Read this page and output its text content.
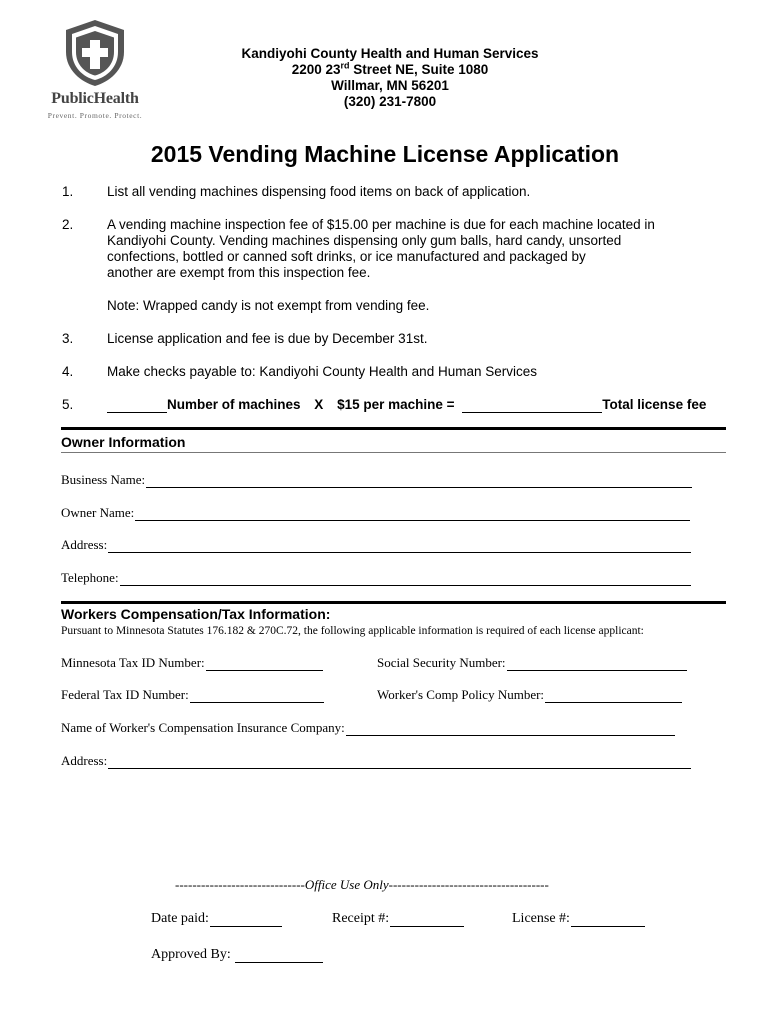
PublicHealth
Prevent. Promote. Protect.
Kandiyohi County Health and Human Services
2200 23rd Street NE, Suite 1080
Willmar, MN 56201
(320) 231-7800
2015 Vending Machine License Application
1. List all vending machines dispensing food items on back of application.
2. A vending machine inspection fee of $15.00 per machine is due for each machine located in
Kandiyohi County. Vending machines dispensing only gum balls, hard candy, unsorted
confections, bottled or canned soft drinks, or ice manufactured and packaged by
another are exempt from this inspection fee.
Note: Wrapped candy is not exempt from vending fee.
3. License application and fee is due by December 31st.
4. Make checks payable to: Kandiyohi County Health and Human Services
5.	Number of machines X $15 per machine =	Total license fee
Owner Information
Business Name:
Owner Name:
Address:
Telephone:
Workers Compensation/Tax Information:
Pursuant to Minnesota Statutes 176.182 & 270C.72, the following applicable information is required of each license applicant:
Minnesota Tax ID Number:	Social Security Number:
Federal Tax ID Number:	Worker's Comp Policy Number:
Name of Worker's Compensation Insurance Company:
Address:
------------------------------Office Use Only-------------------------------------
Date paid:	Receipt #:	License #:
Approved By:
